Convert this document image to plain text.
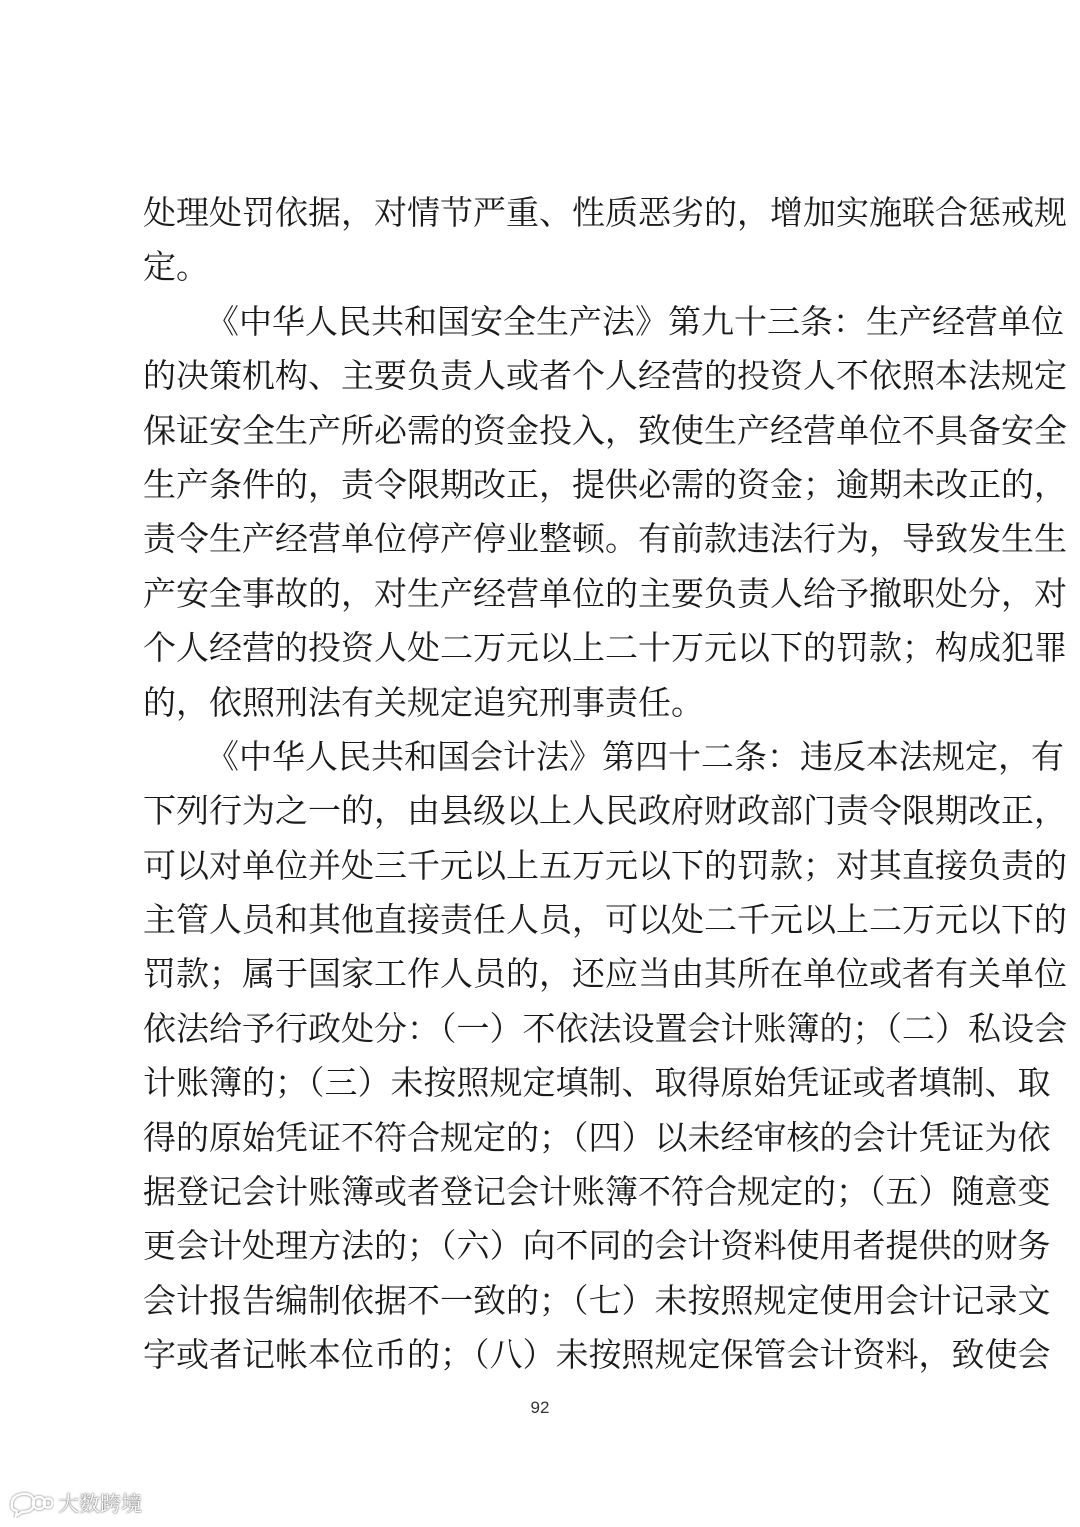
处理处罚依据，对情节严重、性质恶劣的，增加实施联合惩戒规
定。
《中华人民共和国安全生产法》第九十三条：生产经营单位
的决策机构、主要负责人或者个人经营的投资人不依照本法规定
保证安全生产所必需的资金投入，致使生产经营单位不具备安全
生产条件的，责令限期改正，提供必需的资金；逾期未改正的，
责令生产经营单位停产停业整顿。有前款违法行为，导致发生生
产安全事故的，对生产经营单位的主要负责人给予撤职处分，对
个人经营的投资人处二万元以上二十万元以下的罚款；构成犯罪
的，依照刑法有关规定追究刑事责任。
《中华人民共和国会计法》第四十二条：违反本法规定，有
下列行为之一的，由县级以上人民政府财政部门责令限期改正，
可以对单位并处三千元以上五万元以下的罚款；对其直接负责的
主管人员和其他直接责任人员，可以处二千元以上二万元以下的
罚款；属于国家工作人员的，还应当由其所在单位或者有关单位
依法给予行政处分：（一）不依法设置会计账簿的；（二）私设会
计账簿的；（三）未按照规定填制、取得原始凭证或者填制、取
得的原始凭证不符合规定的；（四）以未经审核的会计凭证为依
据登记会计账簿或者登记会计账簿不符合规定的；（五）随意变
更会计处理方法的；（六）向不同的会计资料使用者提供的财务
会计报告编制依据不一致的；（七）未按照规定使用会计记录文
字或者记帐本位币的；（八）未按照规定保管会计资料，致使会
92
大数跨境
